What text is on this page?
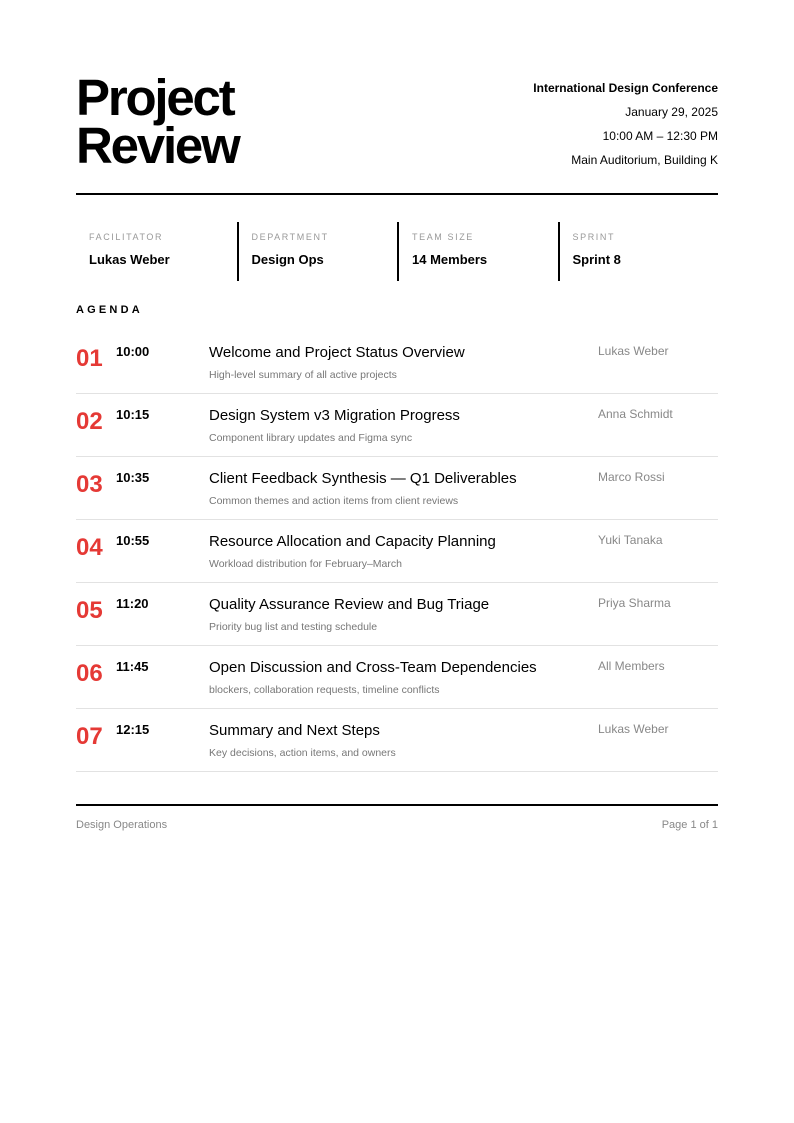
Project
Review
International Design Conference
January 29, 2025
10:00 AM – 12:30 PM
Main Auditorium, Building K
FACILITATOR
Lukas Weber
DEPARTMENT
Design Ops
TEAM SIZE
14 Members
SPRINT
Sprint 8
AGENDA
01 10:00	Welcome and Project Status Overview
High-level summary of all active projects
Lukas Weber
02 10:15	Design System v3 Migration Progress
Component library updates and Figma sync
Anna Schmidt
03 10:35	Client Feedback Synthesis — Q1 Deliverables
Common themes and action items from client reviews
Marco Rossi
04 10:55	Resource Allocation and Capacity Planning
Workload distribution for February–March
Yuki Tanaka
05 11:20	Quality Assurance Review and Bug Triage
Priority bug list and testing schedule
Priya Sharma
06 11:45	Open Discussion and Cross-Team Dependencies
blockers, collaboration requests, timeline conflicts
All Members
07 12:15	Summary and Next Steps
Key decisions, action items, and owners
Lukas Weber
Design Operations	Page 1 of 1
